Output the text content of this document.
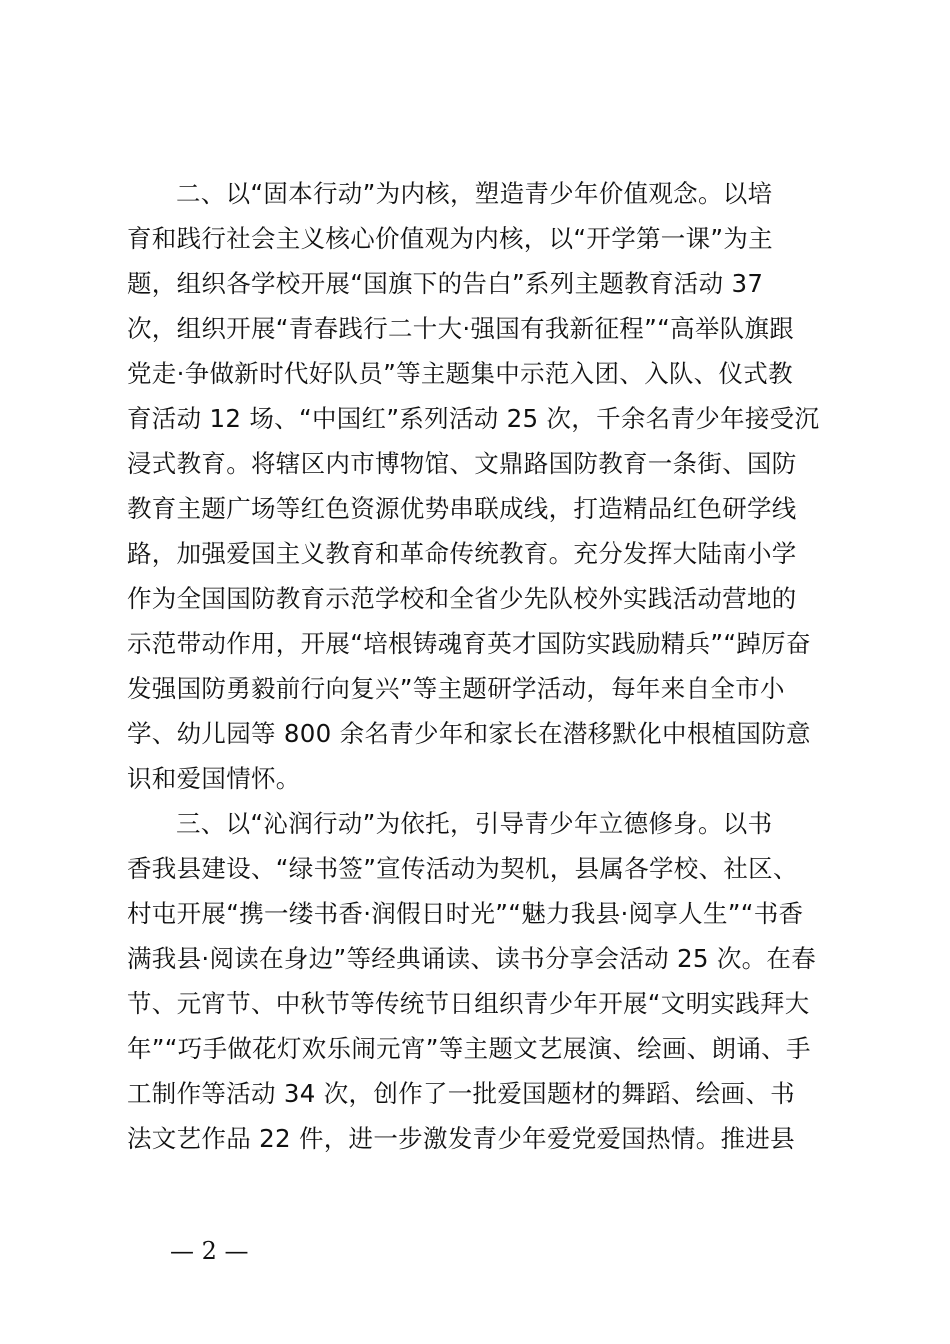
二、以“固本行动”为内核，塑造青少年价值观念。以培
育和践行社会主义核心价值观为内核，以“开学第一课”为主
题，组织各学校开展“国旗下的告白”系列主题教育活动 37
次，组织开展“青春践行二十大·强国有我新征程”“高举队旗跟
党走·争做新时代好队员”等主题集中示范入团、入队、仪式教
育活动 12 场、“中国红”系列活动 25 次，千余名青少年接受沉
浸式教育。将辖区内市博物馆、文鼎路国防教育一条街、国防
教育主题广场等红色资源优势串联成线，打造精品红色研学线
路，加强爱国主义教育和革命传统教育。充分发挥大陆南小学
作为全国国防教育示范学校和全省少先队校外实践活动营地的
示范带动作用，开展“培根铸魂育英才国防实践励精兵”“踔厉奋
发强国防勇毅前行向复兴”等主题研学活动，每年来自全市小
学、幼儿园等 800 余名青少年和家长在潜移默化中根植国防意
识和爱国情怀。
三、以“沁润行动”为依托，引导青少年立德修身。以书
香我县建设、“绿书签”宣传活动为契机，县属各学校、社区、
村屯开展“携一缕书香·润假日时光”“魅力我县·阅享人生”“书香
满我县·阅读在身边”等经典诵读、读书分享会活动 25 次。在春
节、元宵节、中秋节等传统节日组织青少年开展“文明实践拜大
年”“巧手做花灯欢乐闹元宵”等主题文艺展演、绘画、朗诵、手
工制作等活动 34 次，创作了一批爱国题材的舞蹈、绘画、书
法文艺作品 22 件，进一步激发青少年爱党爱国热情。推进县
— 2 —
